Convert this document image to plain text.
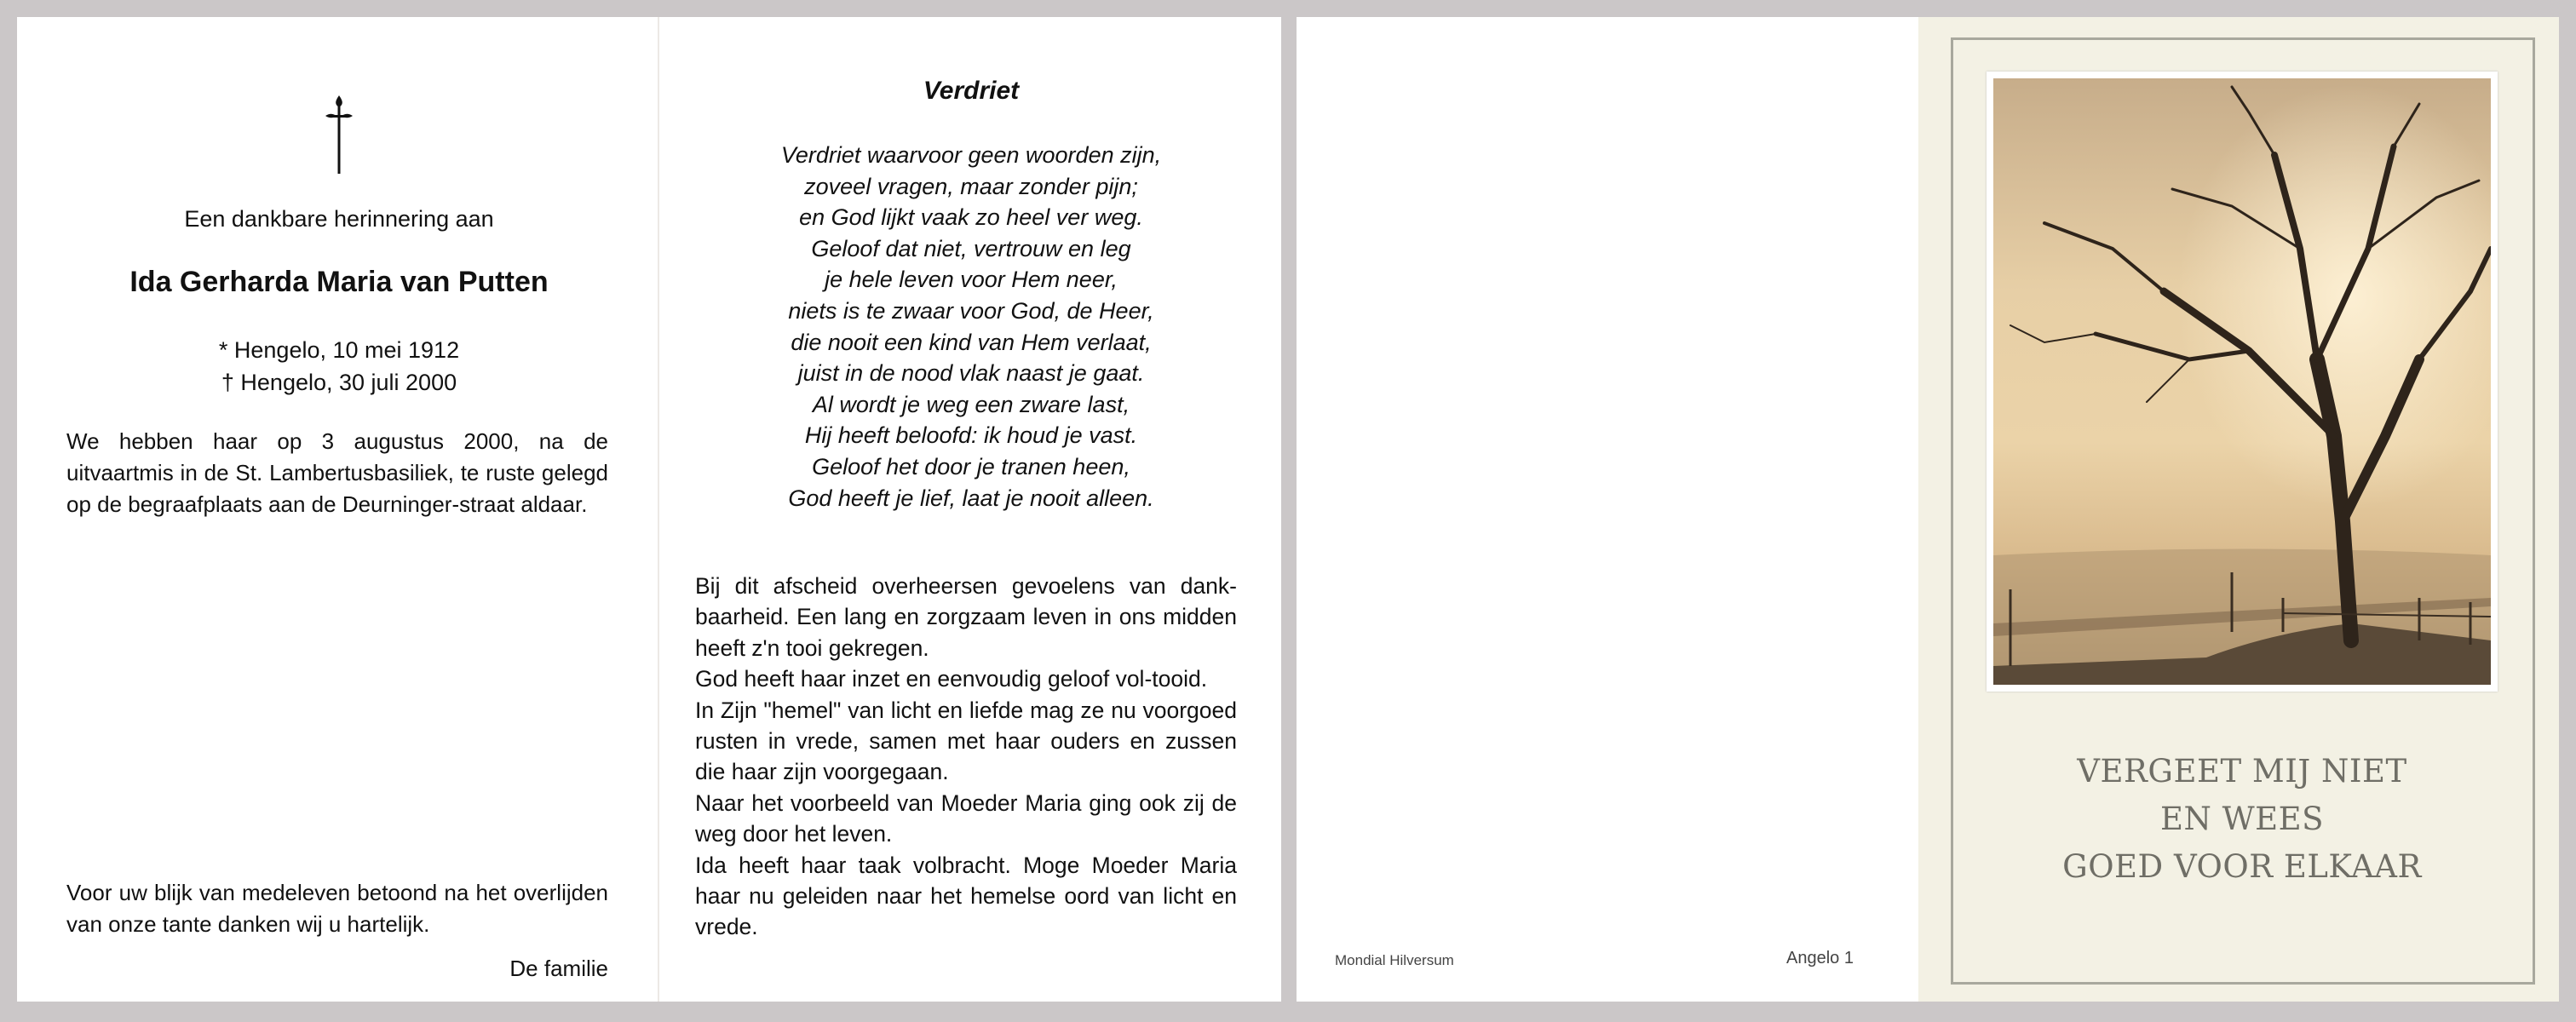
Een dankbare herinnering aan
Ida Gerharda Maria van Putten
* Hengelo, 10 mei 1912
† Hengelo, 30 juli 2000
We hebben haar op 3 augustus 2000, na de uitvaartmis in de St. Lambertusbasiliek, te ruste gelegd op de begraafplaats aan de Deurninger-straat aldaar.
Voor uw blijk van medeleven betoond na het overlijden van onze tante danken wij u hartelijk.
De familie
Verdriet
Verdriet waarvoor geen woorden zijn,
zoveel vragen, maar zonder pijn;
en God lijkt vaak zo heel ver weg.
Geloof dat niet, vertrouw en leg
je hele leven voor Hem neer,
niets is te zwaar voor God, de Heer,
die nooit een kind van Hem verlaat,
juist in de nood vlak naast je gaat.
Al wordt je weg een zware last,
Hij heeft beloofd: ik houd je vast.
Geloof het door je tranen heen,
God heeft je lief, laat je nooit alleen.
Bij dit afscheid overheersen gevoelens van dank-baarheid. Een lang en zorgzaam leven in ons midden heeft z'n tooi gekregen.
God heeft haar inzet en eenvoudig geloof vol-tooid.
In Zijn "hemel" van licht en liefde mag ze nu voorgoed rusten in vrede, samen met haar ouders en zussen die haar zijn voorgegaan.
Naar het voorbeeld van Moeder Maria ging ook zij de weg door het leven.
Ida heeft haar taak volbracht. Moge Moeder Maria haar nu geleiden naar het hemelse oord van licht en vrede.
Mondial Hilversum	Angelo 1
VERGEET MIJ NIET
EN WEES
GOED VOOR ELKAAR
